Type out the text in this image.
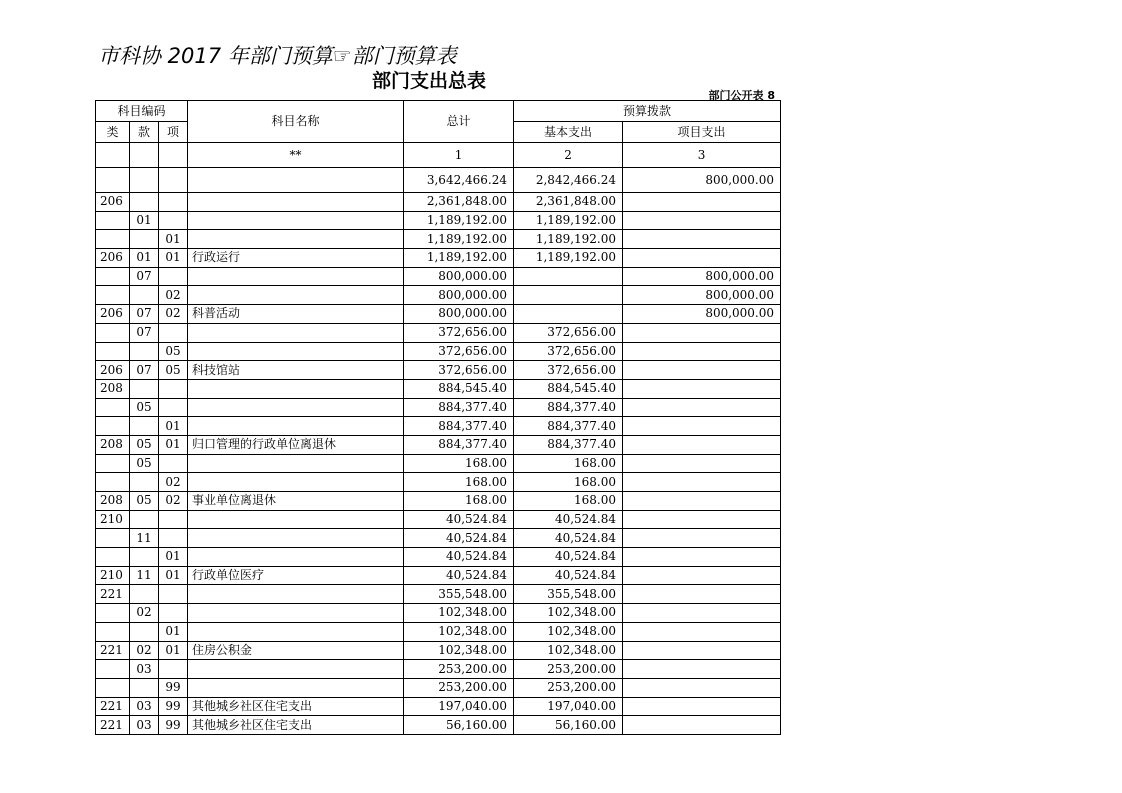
市科协 2017 年部门预算☞部门预算表
部门支出总表
部门公开表 8
科目编码			科目名称	总计	预算拨款	
类	款	项			基本支出	项目支出
			**	1	2	3
				3,642,466.24	2,842,466.24	800,000.00
206				2,361,848.00	2,361,848.00	
	01			1,189,192.00	1,189,192.00	
		01		1,189,192.00	1,189,192.00	
206	01	01	行政运行	1,189,192.00	1,189,192.00	
	07			800,000.00		800,000.00
		02		800,000.00		800,000.00
206	07	02	科普活动	800,000.00		800,000.00
	07			372,656.00	372,656.00	
		05		372,656.00	372,656.00	
206	07	05	科技馆站	372,656.00	372,656.00	
208				884,545.40	884,545.40	
	05			884,377.40	884,377.40	
		01		884,377.40	884,377.40	
208	05	01	归口管理的行政单位离退休	884,377.40	884,377.40	
	05			168.00	168.00	
		02		168.00	168.00	
208	05	02	事业单位离退休	168.00	168.00	
210				40,524.84	40,524.84	
	11			40,524.84	40,524.84	
		01		40,524.84	40,524.84	
210	11	01	行政单位医疗	40,524.84	40,524.84	
221				355,548.00	355,548.00	
	02			102,348.00	102,348.00	
		01		102,348.00	102,348.00	
221	02	01	住房公积金	102,348.00	102,348.00	
	03			253,200.00	253,200.00	
		99		253,200.00	253,200.00	
221	03	99	其他城乡社区住宅支出	197,040.00	197,040.00	
221	03	99	其他城乡社区住宅支出	56,160.00	56,160.00	
